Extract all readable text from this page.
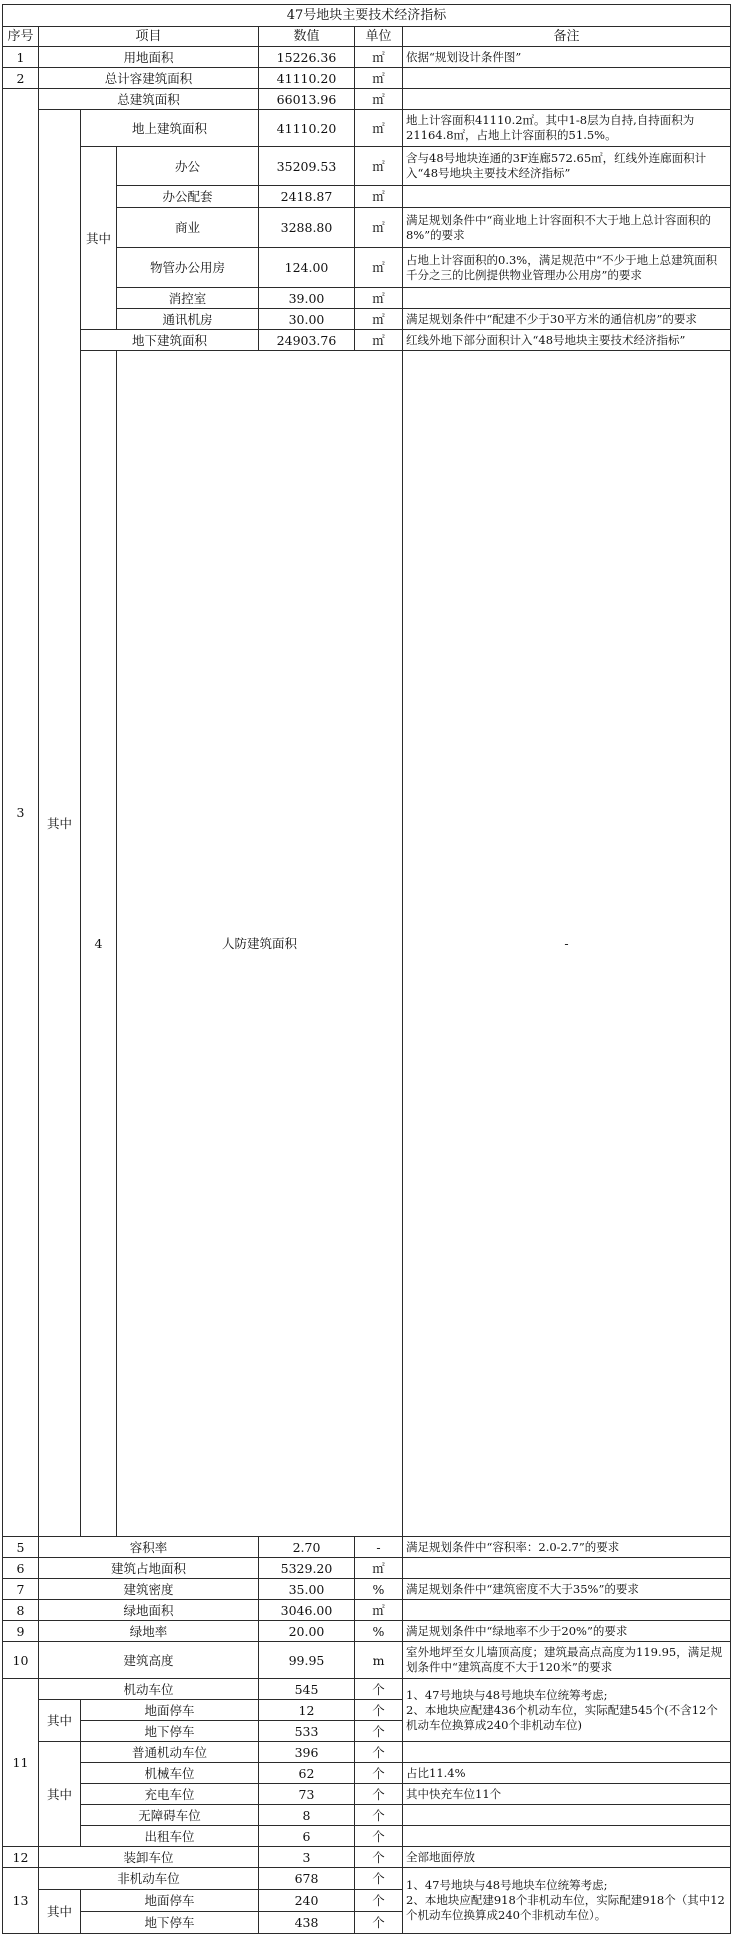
47号地块主要技术经济指标							
序号	项目			数值	单位	备注	
1	用地面积			15226.36	㎡	依据“规划设计条件图”	
2	总计容建筑面积			41110.20	㎡		
3	总建筑面积			66013.96	㎡		
	其中	地上建筑面积		41110.20	㎡	地上计容面积41110.2㎡。其中1-8层为自持,自持面积为21164.8㎡，占地上计容面积的51.5%。	
		其中	办公	35209.53	㎡	含与48号地块连通的3F连廊572.65㎡，红线外连廊面积计入“48号地块主要技术经济指标”	
			办公配套	2418.87	㎡		
			商业	3288.80	㎡	满足规划条件中“商业地上计容面积不大于地上总计容面积的8%”的要求	
			物管办公用房	124.00	㎡	占地上计容面积的0.3%，满足规范中“不少于地上总建筑面积千分之三的比例提供物业管理办公用房”的要求	
			消控室	39.00	㎡		
			通讯机房	30.00	㎡	满足规划条件中“配建不少于30平方米的通信机房”的要求	
		地下建筑面积		24903.76	㎡	红线外地下部分面积计入“48号地块主要技术经济指标”	
		4	人防建筑面积			-		

5	容积率			2.70	-	满足规划条件中“容积率：2.0-2.7”的要求	
6	建筑占地面积			5329.20	㎡		
7	建筑密度			35.00	%	满足规划条件中“建筑密度不大于35%”的要求	
8	绿地面积			3046.00	㎡		
9	绿地率			20.00	%	满足规划条件中“绿地率不少于20%”的要求	
10	建筑高度			99.95	m	室外地坪至女儿墙顶高度；建筑最高点高度为119.95，满足规划条件中“建筑高度不大于120米”的要求	
11	机动车位			545	个	1、47号地块与48号地块车位统筹考虑;
2、本地块应配建436个机动车位，实际配建545个(不含12个机动车位换算成240个非机动车位)	

	其中	地面停车		12	个		
		地下停车		533	个		
	其中	普通机动车位		396	个		
		机械车位		62	个	占比11.4%	
		充电车位		73	个	其中快充车位11个	
		无障碍车位		8	个		
		出租车位		6	个		
12	装卸车位			3	个	全部地面停放	
13	非机动车位			678	个	1、47号地块与48号地块车位统筹考虑;
2、本地块应配建918个非机动车位，实际配建918个（其中12个机动车位换算成240个非机动车位）。	

	其中	地面停车		240	个		
		地下停车		438	个		
